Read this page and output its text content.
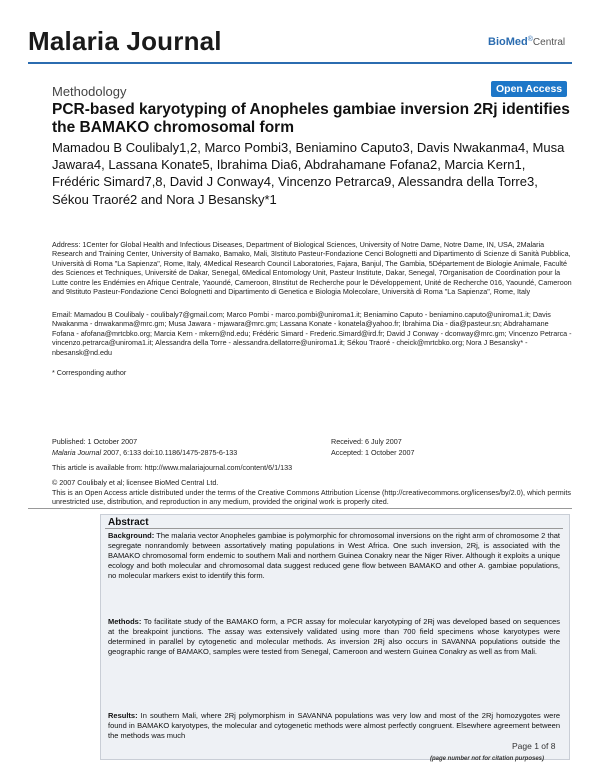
Malaria Journal	BioMed®Central
Methodology	Open Access
PCR-based karyotyping of Anopheles gambiae inversion 2Rj identifies the BAMAKO chromosomal form
Mamadou B Coulibaly1,2, Marco Pombi3, Beniamino Caputo3, Davis Nwakanma4, Musa Jawara4, Lassana Konate5, Ibrahima Dia6, Abdrahamane Fofana2, Marcia Kern1, Frédéric Simard7,8, David J Conway4, Vincenzo Petrarca9, Alessandra della Torre3, Sékou Traoré2 and Nora J Besansky*1
Address: 1Center for Global Health and Infectious Diseases, Department of Biological Sciences, University of Notre Dame, Notre Dame, IN, USA, 2Malaria Research and Training Center, University of Bamako, Bamako, Mali, 3Istituto Pasteur-Fondazione Cenci Bolognetti and Dipartimento di Scienze di Sanità Pubblica, Università di Roma "La Sapienza", Rome, Italy, 4Medical Research Council Laboratories, Fajara, Banjul, The Gambia, 5Département de Biologie Animale, Faculté des Sciences et Techniques, Université de Dakar, Senegal, 6Medical Entomology Unit, Pasteur Institute, Dakar, Senegal, 7Organisation de Coordination pour la Lutte contre les Endémies en Afrique Centrale, Yaoundé, Cameroon, 8Institut de Recherche pour le Développement, Unité de Recherche 016, Yaoundé, Cameroon and 9Istituto Pasteur-Fondazione Cenci Bolognetti and Dipartimento di Genetica e Biologia Molecolare, Università di Roma "La Sapienza", Rome, Italy
Email: Mamadou B Coulibaly - coulibaly7@gmail.com; Marco Pombi - marco.pombi@uniroma1.it; Beniamino Caputo - beniamino.caputo@uniroma1.it; Davis Nwakanma - dnwakanma@mrc.gm; Musa Jawara - mjawara@mrc.gm; Lassana Konate - konatela@yahoo.fr; Ibrahima Dia - dia@pasteur.sn; Abdrahamane Fofana - afofana@mrtcbko.org; Marcia Kern - mkern@nd.edu; Frédéric Simard - Frederic.Simard@ird.fr; David J Conway - dconway@mrc.gm; Vincenzo Petrarca - vincenzo.petrarca@uniroma1.it; Alessandra della Torre - alessandra.dellatorre@uniroma1.it; Sékou Traoré - cheick@mrtcbko.org; Nora J Besansky* - nbesansk@nd.edu
* Corresponding author
Published: 1 October 2007	Received: 6 July 2007
Malaria Journal 2007, 6:133 doi:10.1186/1475-2875-6-133	Accepted: 1 October 2007
This article is available from: http://www.malariajournal.com/content/6/1/133
© 2007 Coulibaly et al; licensee BioMed Central Ltd.
This is an Open Access article distributed under the terms of the Creative Commons Attribution License (http://creativecommons.org/licenses/by/2.0), which permits unrestricted use, distribution, and reproduction in any medium, provided the original work is properly cited.
Abstract
Background: The malaria vector Anopheles gambiae is polymorphic for chromosomal inversions on the right arm of chromosome 2 that segregate nonrandomly between assortatively mating populations in West Africa. One such inversion, 2Rj, is associated with the BAMAKO chromosomal form endemic to southern Mali and northern Guinea Conakry near the Niger River. Although it exploits a unique ecology and both molecular and chromosomal data suggest reduced gene flow between BAMAKO and other A. gambiae populations, no molecular markers exist to identify this form.
Methods: To facilitate study of the BAMAKO form, a PCR assay for molecular karyotyping of 2Rj was developed based on sequences at the breakpoint junctions. The assay was extensively validated using more than 700 field specimens whose karyotypes were determined in parallel by cytogenetic and molecular methods. As inversion 2Rj also occurs in SAVANNA populations outside the geographic range of BAMAKO, samples were tested from Senegal, Cameroon and western Guinea Conakry as well as from Mali.
Results: In southern Mali, where 2Rj polymorphism in SAVANNA populations was very low and most of the 2Rj homozygotes were found in BAMAKO karyotypes, the molecular and cytogenetic methods were almost perfectly congruent. Elsewhere agreement between the methods was much
Page 1 of 8
(page number not for citation purposes)
